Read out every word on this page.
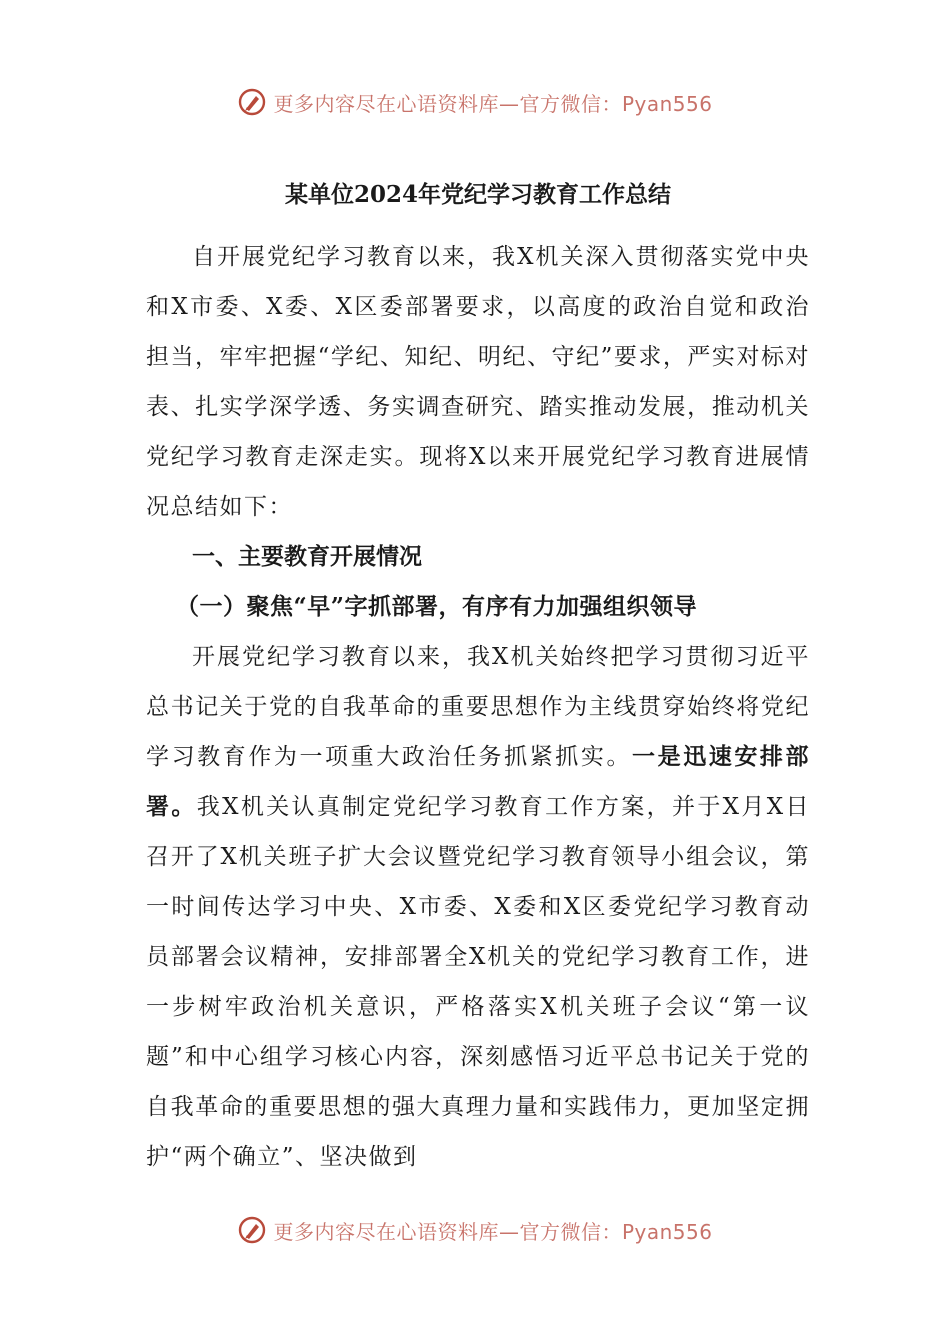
更多内容尽在心语资料库—官方微信：Pyan556
某单位2024年党纪学习教育工作总结

自开展党纪学习教育以来，我X机关深入贯彻落实党中央和X市委、X委、X区委部署要求，以高度的政治自觉和政治担当，牢牢把握“学纪、知纪、明纪、守纪”要求，严实对标对表、扎实学深学透、务实调查研究、踏实推动发展，推动机关党纪学习教育走深走实。现将X以来开展党纪学习教育进展情况总结如下：

一、主要教育开展情况
（一）聚焦“早”字抓部署，有序有力加强组织领导

开展党纪学习教育以来，我X机关始终把学习贯彻习近平总书记关于党的自我革命的重要思想作为主线贯穿始终将党纪学习教育作为一项重大政治任务抓紧抓实。一是迅速安排部署。我X机关认真制定党纪学习教育工作方案，并于X月X日召开了X机关班子扩大会议暨党纪学习教育领导小组会议，第一时间传达学习中央、X市委、X委和X区委党纪学习教育动员部署会议精神，安排部署全X机关的党纪学习教育工作，进一步树牢政治机关意识，严格落实X机关班子会议“第一议题”和中心组学习核心内容，深刻感悟习近平总书记关于党的自我革命的重要思想的强大真理力量和实践伟力，更加坚定拥护“两个确立”、坚决做到

更多内容尽在心语资料库—官方微信：Pyan556
